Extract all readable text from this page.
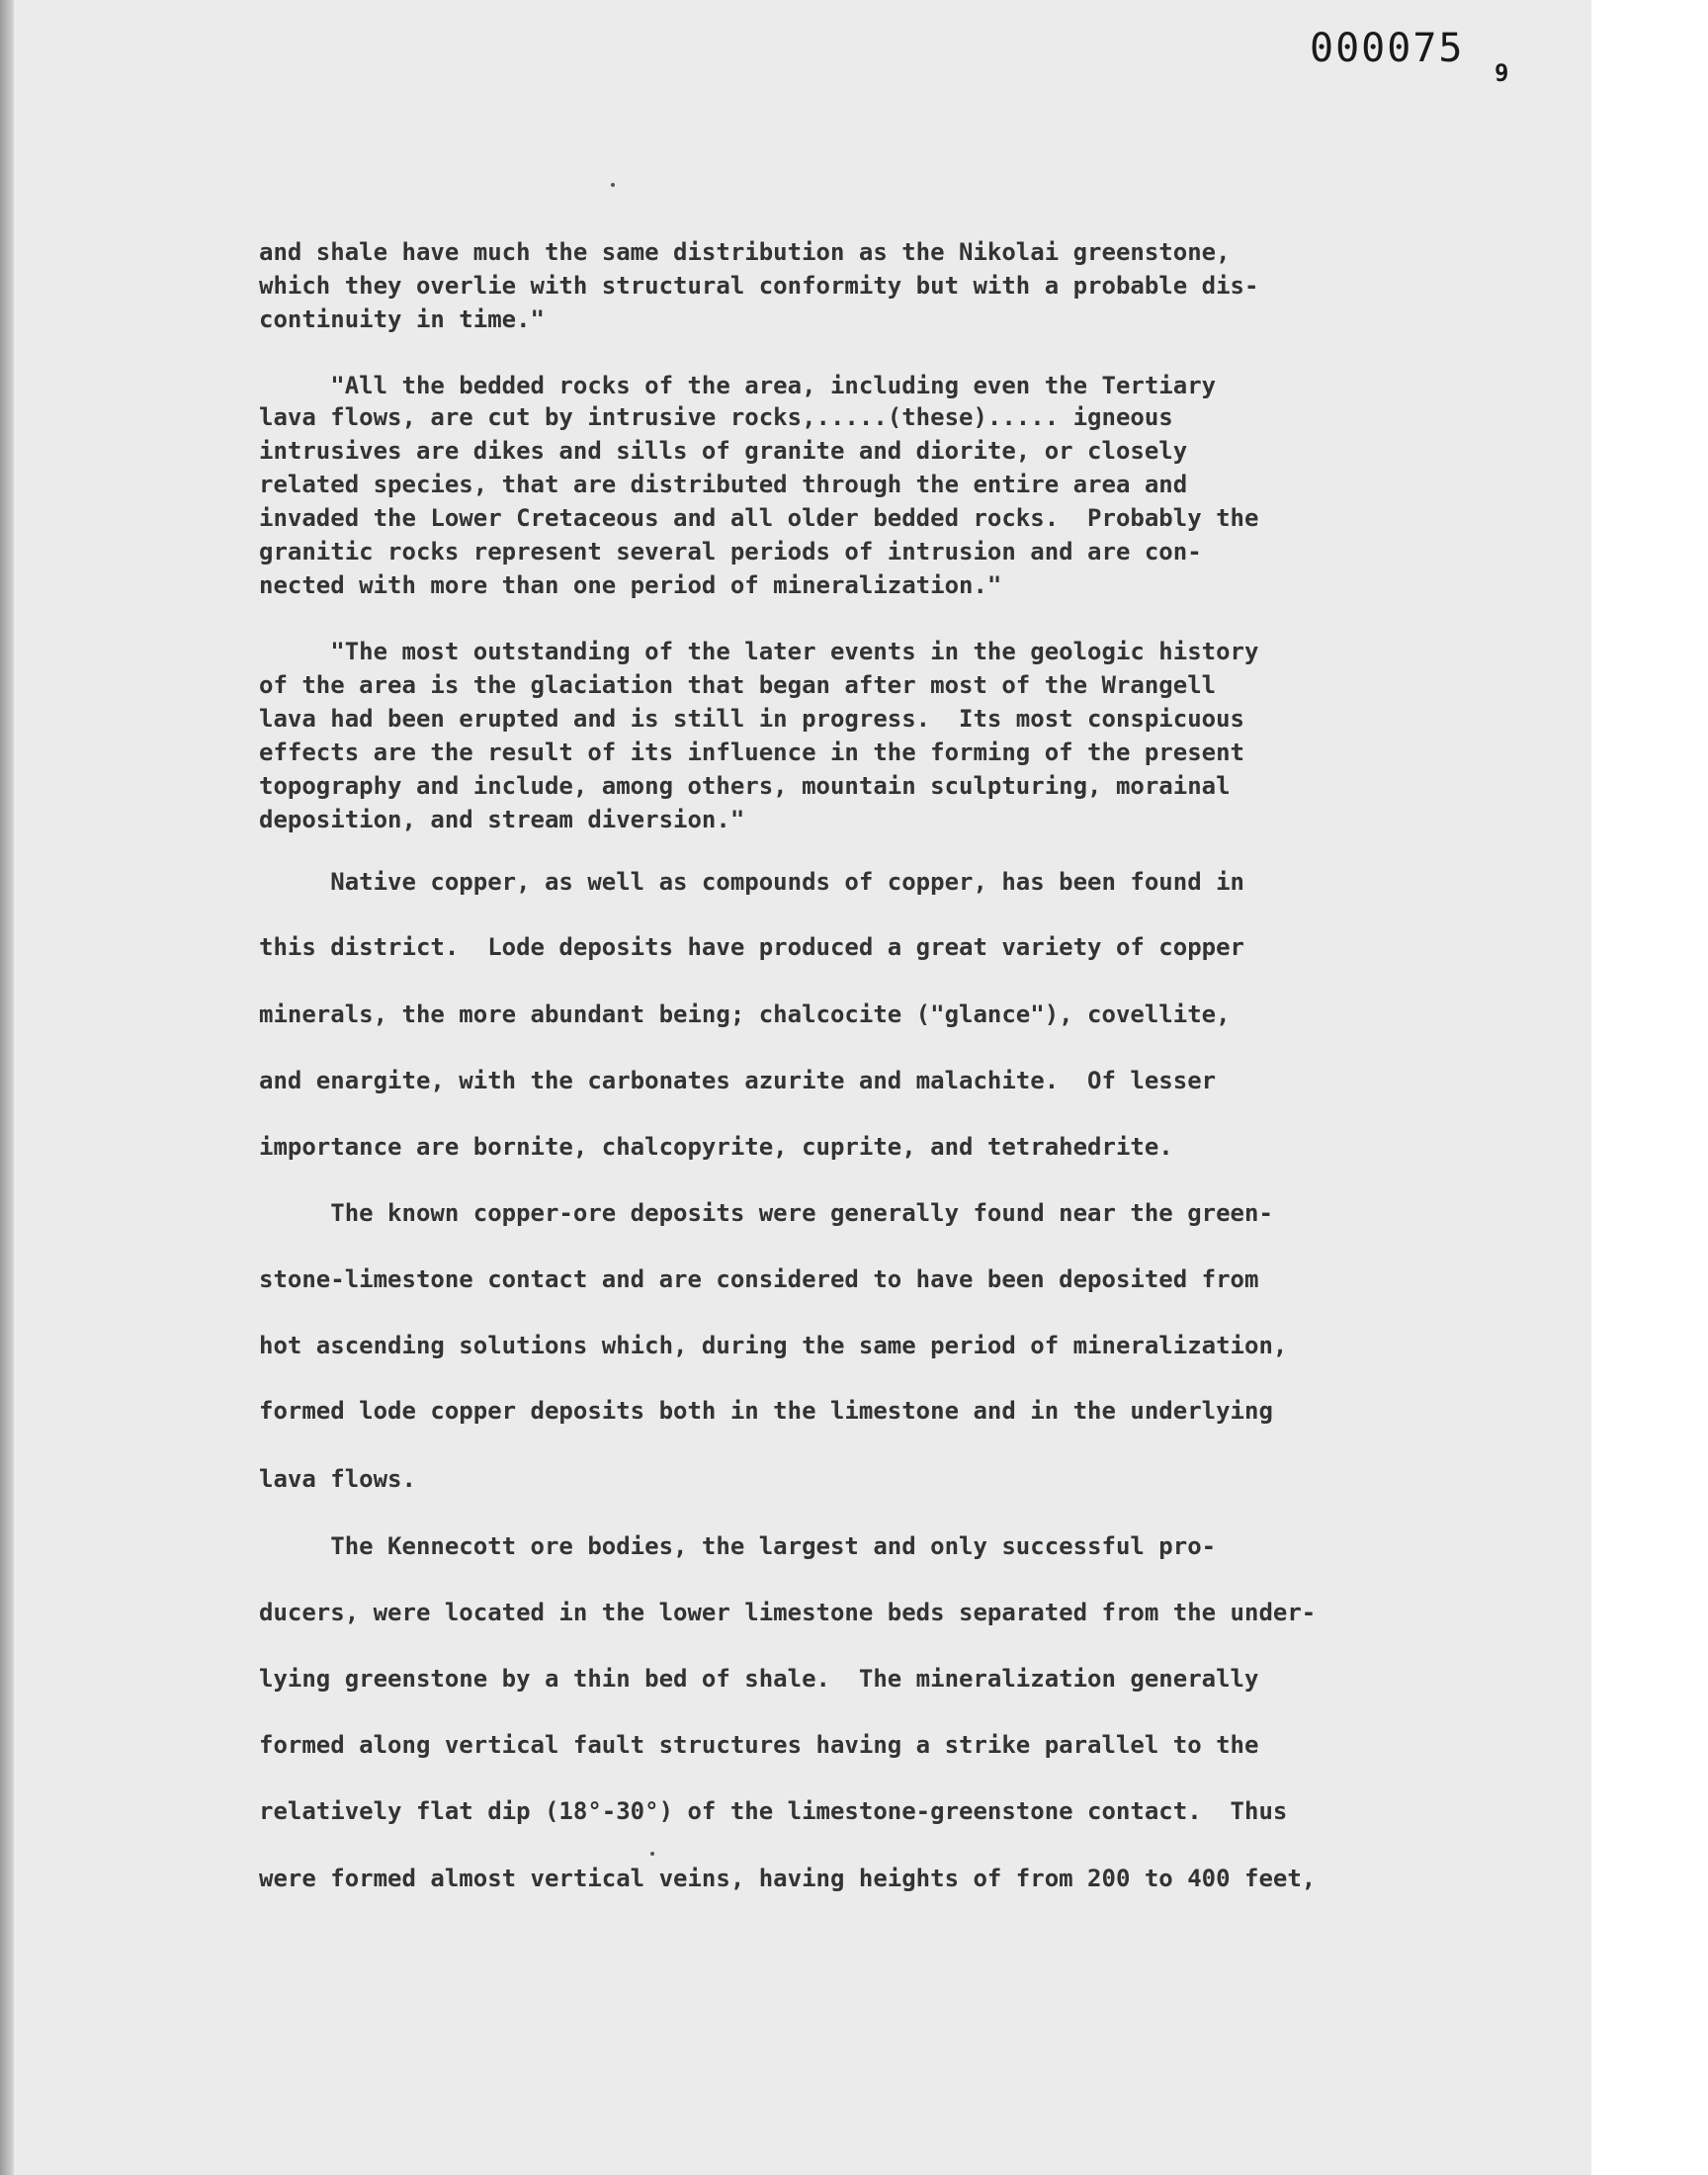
000075
9
and shale have much the same distribution as the Nikolai greenstone,
which they overlie with structural conformity but with a probable dis-
continuity in time."
"All the bedded rocks of the area, including even the Tertiary
lava flows, are cut by intrusive rocks,.....(these)..... igneous
intrusives are dikes and sills of granite and diorite, or closely
related species, that are distributed through the entire area and
invaded the Lower Cretaceous and all older bedded rocks.  Probably the
granitic rocks represent several periods of intrusion and are con-
nected with more than one period of mineralization."
"The most outstanding of the later events in the geologic history
of the area is the glaciation that began after most of the Wrangell
lava had been erupted and is still in progress.  Its most conspicuous
effects are the result of its influence in the forming of the present
topography and include, among others, mountain sculpturing, morainal
deposition, and stream diversion."
Native copper, as well as compounds of copper, has been found in
this district.  Lode deposits have produced a great variety of copper
minerals, the more abundant being; chalcocite ("glance"), covellite,
and enargite, with the carbonates azurite and malachite.  Of lesser
importance are bornite, chalcopyrite, cuprite, and tetrahedrite.
The known copper-ore deposits were generally found near the green-
stone-limestone contact and are considered to have been deposited from
hot ascending solutions which, during the same period of mineralization,
formed lode copper deposits both in the limestone and in the underlying
lava flows.
The Kennecott ore bodies, the largest and only successful pro-
ducers, were located in the lower limestone beds separated from the under-
lying greenstone by a thin bed of shale.  The mineralization generally
formed along vertical fault structures having a strike parallel to the
relatively flat dip (18°-30°) of the limestone-greenstone contact.  Thus
were formed almost vertical veins, having heights of from 200 to 400 feet,
